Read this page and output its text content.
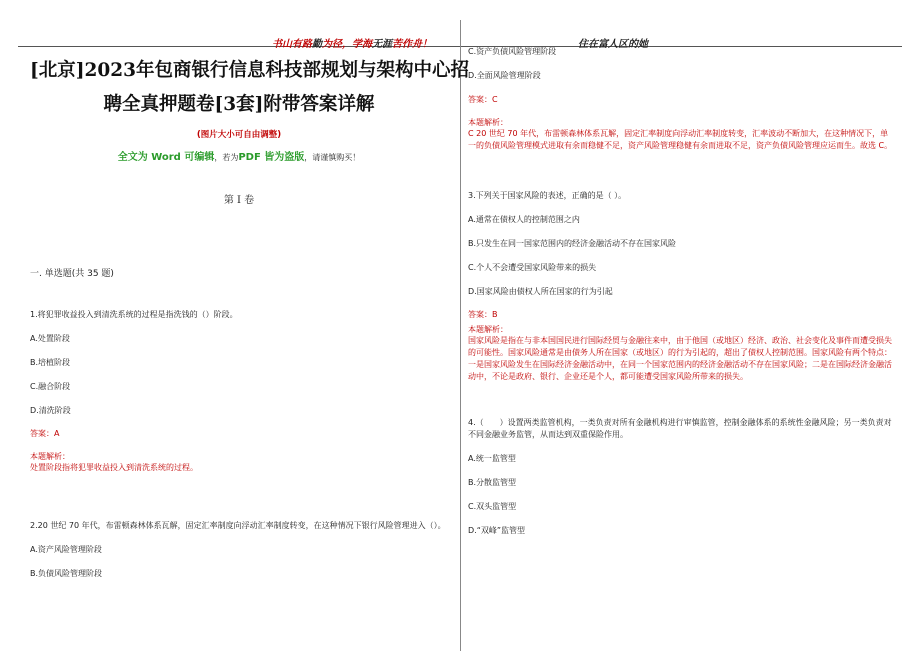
书山有路勤为径，学海无涯苦作舟！	住在富人区的她
[北京]2023年包商银行信息科技部规划与架构中心招
聘全真押题卷[3套]附带答案详解
(图片大小可自由调整)
全文为 Word 可编辑，若为PDF 皆为盗版，请谨慎购买！
第 I 卷
一. 单选题(共 35 题)
1.将犯罪收益投入到清洗系统的过程是指洗钱的（）阶段。
A.处置阶段
B.培植阶段
C.融合阶段
D.清洗阶段
答案：A
本题解析：
处置阶段指将犯罪收益投入到清洗系统的过程。
2.20 世纪 70 年代，布雷顿森林体系瓦解，固定汇率制度向浮动汇率制度转变，在这种情况下银行风险管理进入（）。
A.资产风险管理阶段
B.负债风险管理阶段
C.资产负债风险管理阶段
D.全面风险管理阶段
答案：C
本题解析：
C 20 世纪 70 年代，布雷顿森林体系瓦解，固定汇率制度向浮动汇率制度转变，汇率波动不断加大，在这种情况下，单一的负债风险管理模式进取有余而稳健不足，资产风险管理稳健有余而进取不足，资产负债风险管理应运而生。故选 C。
3.下列关于国家风险的表述，正确的是（ ）。
A.通常在债权人的控制范围之内
B.只发生在同一国家范围内的经济金融活动不存在国家风险
C.个人不会遭受国家风险带来的损失
D.国家风险由债权人所在国家的行为引起
答案：B
本题解析：
国家风险是指在与非本国国民进行国际经贸与金融往来中，由于他国（或地区）经济、政治、社会变化及事件而遭受损失的可能性。国家风险通常是由债务人所在国家（或地区）的行为引起的，超出了债权人控制范围。国家风险有两个特点：一是国家风险发生在国际经济金融活动中，在同一个国家范围内的经济金融活动不存在国家风险；二是在国际经济金融活动中，不论是政府、银行、企业还是个人，都可能遭受国家风险所带来的损失。
4.（　　）设置两类监管机构，一类负责对所有金融机构进行审慎监管，控制金融体系的系统性金融风险；另一类负责对不同金融业务监管，从而达到双重保险作用。
A.统一监管型
B.分散监管型
C.双头监管型
D.“双峰”监管型
